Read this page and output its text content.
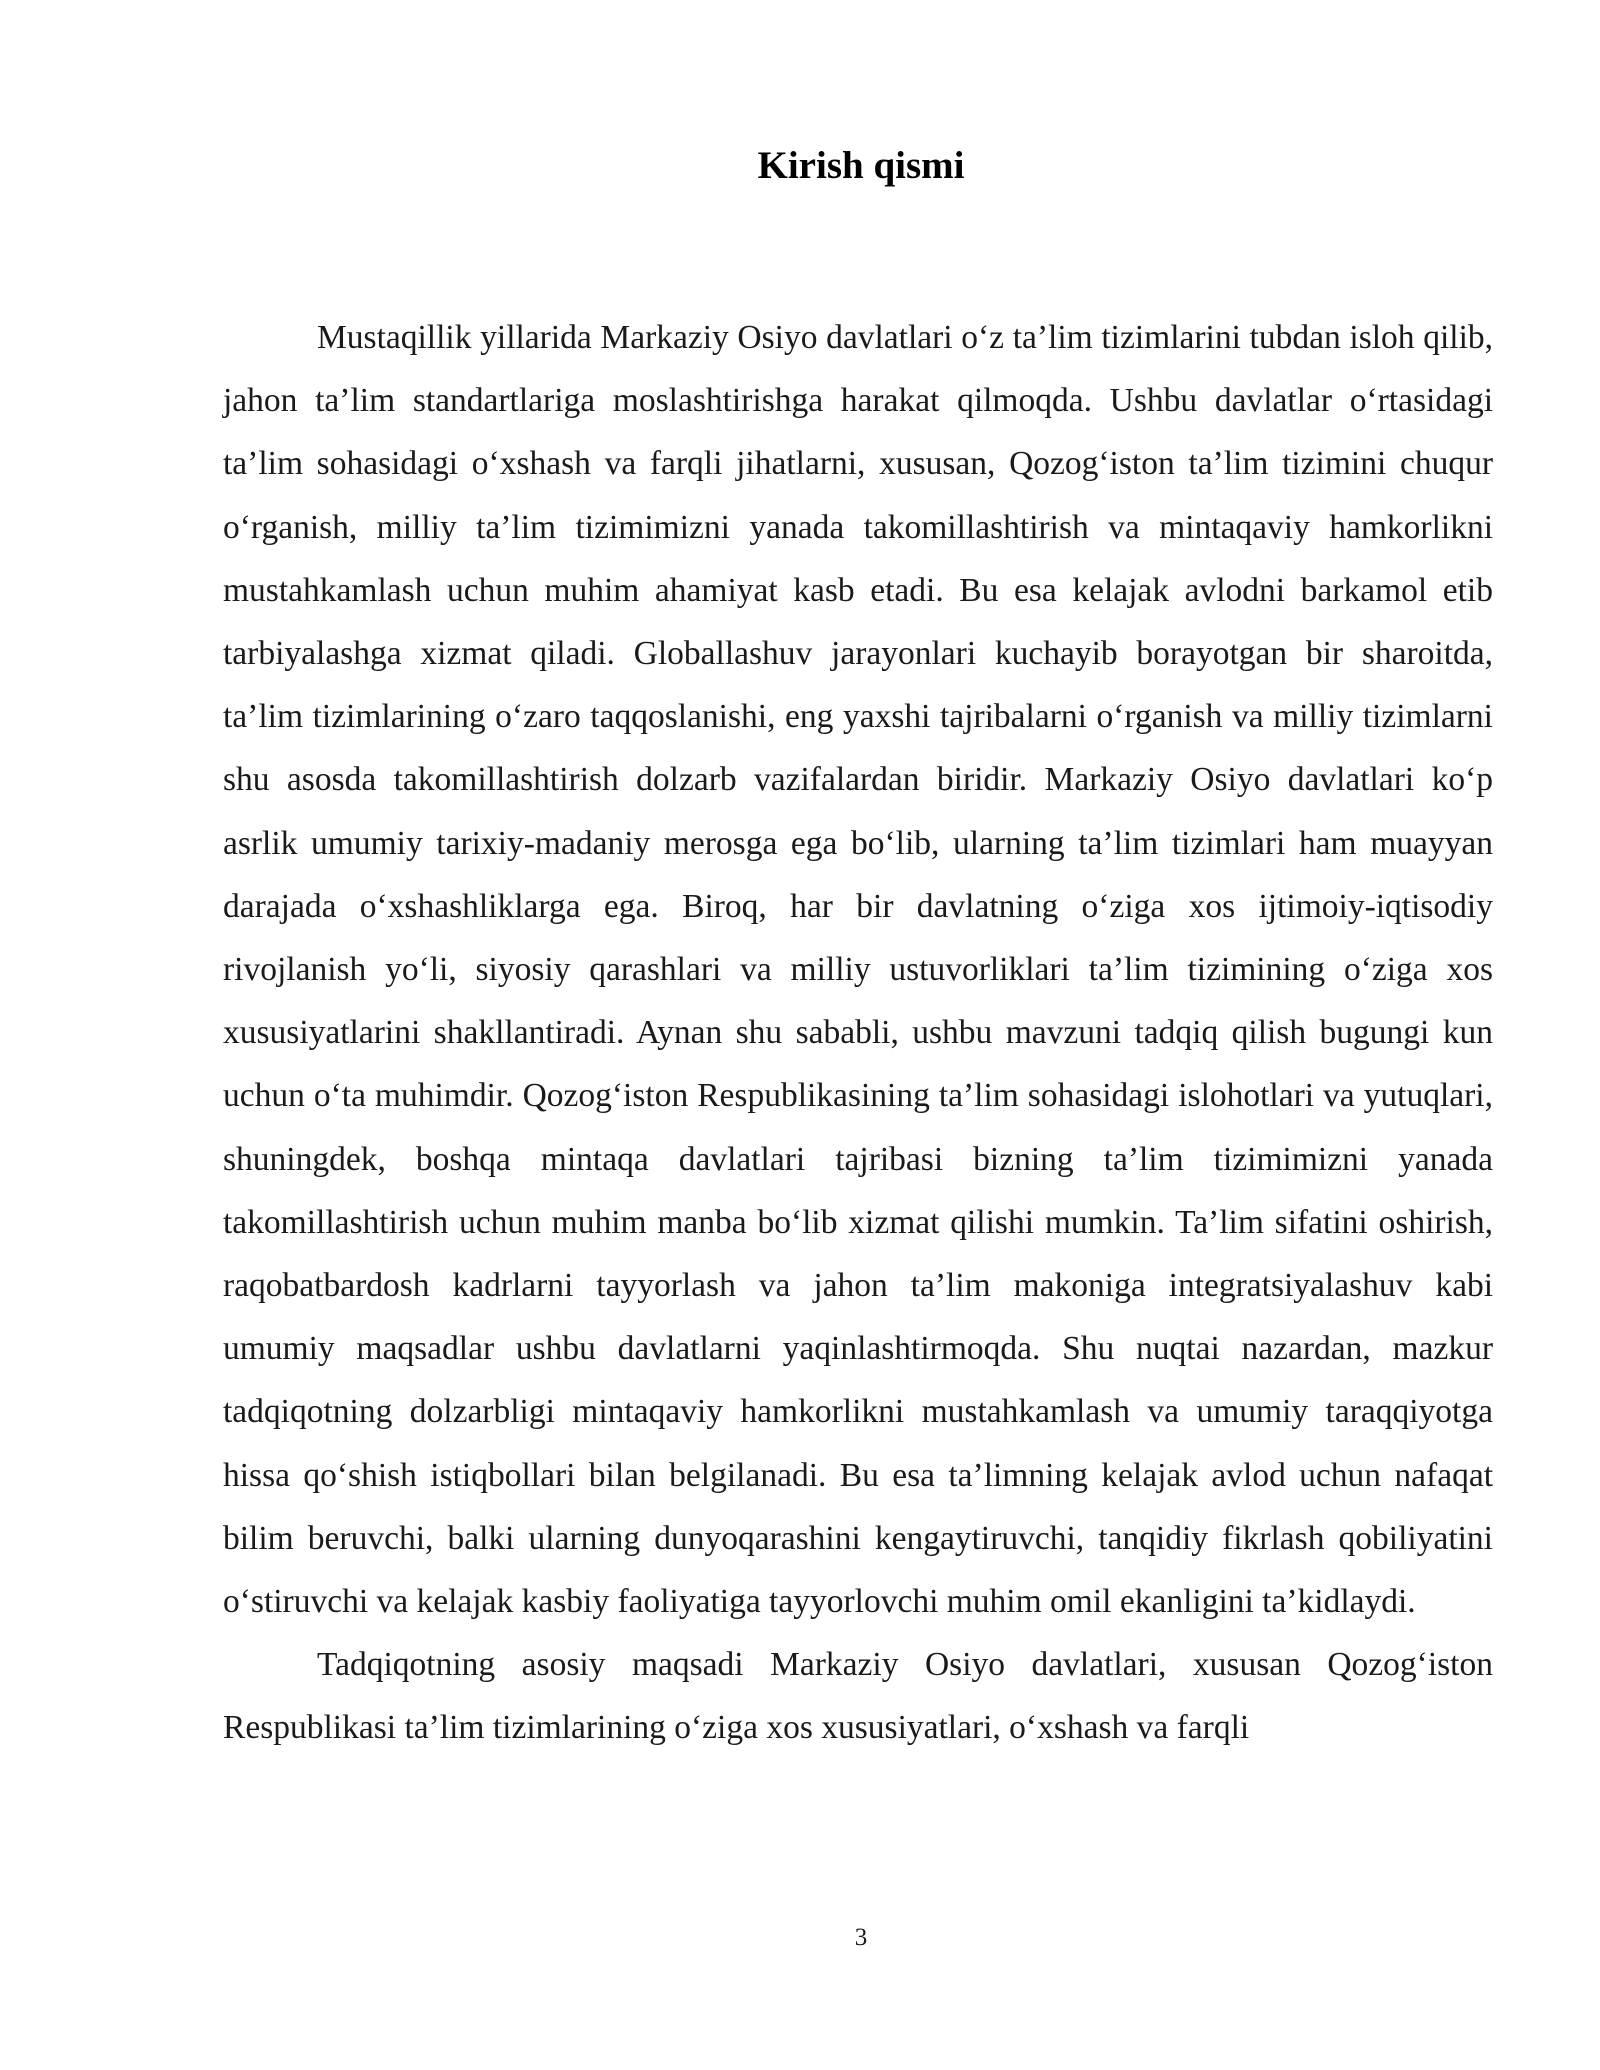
Kirish qismi

Mustaqillik yillarida Markaziy Osiyo davlatlari o‘z ta’lim tizimlarini tubdan isloh qilib, jahon ta’lim standartlariga moslashtirishga harakat qilmoqda. Ushbu davlatlar o‘rtasidagi ta’lim sohasidagi o‘xshash va farqli jihatlarni, xususan, Qozog‘iston ta’lim tizimini chuqur o‘rganish, milliy ta’lim tizimimizni yanada takomillashtirish va mintaqaviy hamkorlikni mustahkamlash uchun muhim ahamiyat kasb etadi. Bu esa kelajak avlodni barkamol etib tarbiyalashga xizmat qiladi. Globallashuv jarayonlari kuchayib borayotgan bir sharoitda, ta’lim tizimlarining o‘zaro taqqoslanishi, eng yaxshi tajribalarni o‘rganish va milliy tizimlarni shu asosda takomillashtirish dolzarb vazifalardan biridir. Markaziy Osiyo davlatlari ko‘p asrlik umumiy tarixiy-madaniy merosga ega bo‘lib, ularning ta’lim tizimlari ham muayyan darajada o‘xshashliklarga ega. Biroq, har bir davlatning o‘ziga xos ijtimoiy-iqtisodiy rivojlanish yo‘li, siyosiy qarashlari va milliy ustuvorliklari ta’lim tizimining o‘ziga xos xususiyatlarini shakllantiradi. Aynan shu sababli, ushbu mavzuni tadqiq qilish bugungi kun uchun o‘ta muhimdir. Qozog‘iston Respublikasining ta’lim sohasidagi islohotlari va yutuqlari, shuningdek, boshqa mintaqa davlatlari tajribasi bizning ta’lim tizimimizni yanada takomillashtirish uchun muhim manba bo‘lib xizmat qilishi mumkin. Ta’lim sifatini oshirish, raqobatbardosh kadrlarni tayyorlash va jahon ta’lim makoniga integratsiyalashuv kabi umumiy maqsadlar ushbu davlatlarni yaqinlashtirmoqda. Shu nuqtai nazardan, mazkur tadqiqotning dolzarbligi mintaqaviy hamkorlikni mustahkamlash va umumiy taraqqiyotga hissa qo‘shish istiqbollari bilan belgilanadi. Bu esa ta’limning kelajak avlod uchun nafaqat bilim beruvchi, balki ularning dunyoqarashini kengaytiruvchi, tanqidiy fikrlash qobiliyatini o‘stiruvchi va kelajak kasbiy faoliyatiga tayyorlovchi muhim omil ekanligini ta’kidlaydi.

Tadqiqotning asosiy maqsadi Markaziy Osiyo davlatlari, xususan Qozog‘iston Respublikasi ta’lim tizimlarining o‘ziga xos xususiyatlari, o‘xshash va farqli

3
